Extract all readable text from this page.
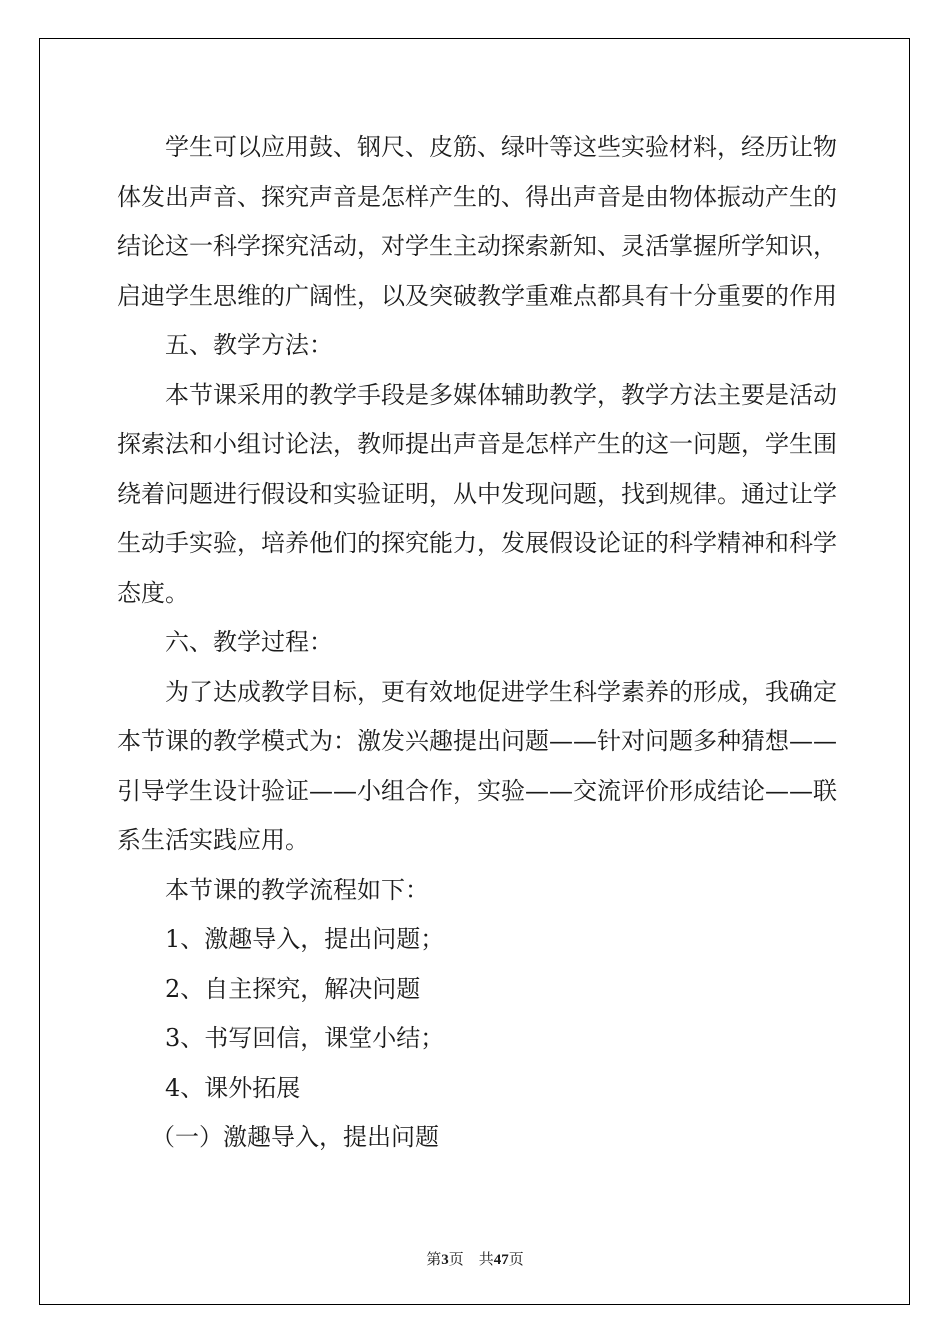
学生可以应用鼓、钢尺、皮筋、绿叶等这些实验材料，经历让物体发出声音、探究声音是怎样产生的、得出声音是由物体振动产生的结论这一科学探究活动，对学生主动探索新知、灵活掌握所学知识，启迪学生思维的广阔性，以及突破教学重难点都具有十分重要的作用

五、教学方法：

本节课采用的教学手段是多媒体辅助教学，教学方法主要是活动探索法和小组讨论法，教师提出声音是怎样产生的这一问题，学生围绕着问题进行假设和实验证明，从中发现问题，找到规律。通过让学生动手实验，培养他们的探究能力，发展假设论证的科学精神和科学态度。

六、教学过程：

为了达成教学目标，更有效地促进学生科学素养的形成，我确定本节课的教学模式为：激发兴趣提出问题——针对问题多种猜想——引导学生设计验证——小组合作，实验——交流评价形成结论——联系生活实践应用。

本节课的教学流程如下：

1、激趣导入，提出问题；

2、自主探究，解决问题

3、书写回信，课堂小结；

4、课外拓展

（一）激趣导入，提出问题

第3页 共47页
